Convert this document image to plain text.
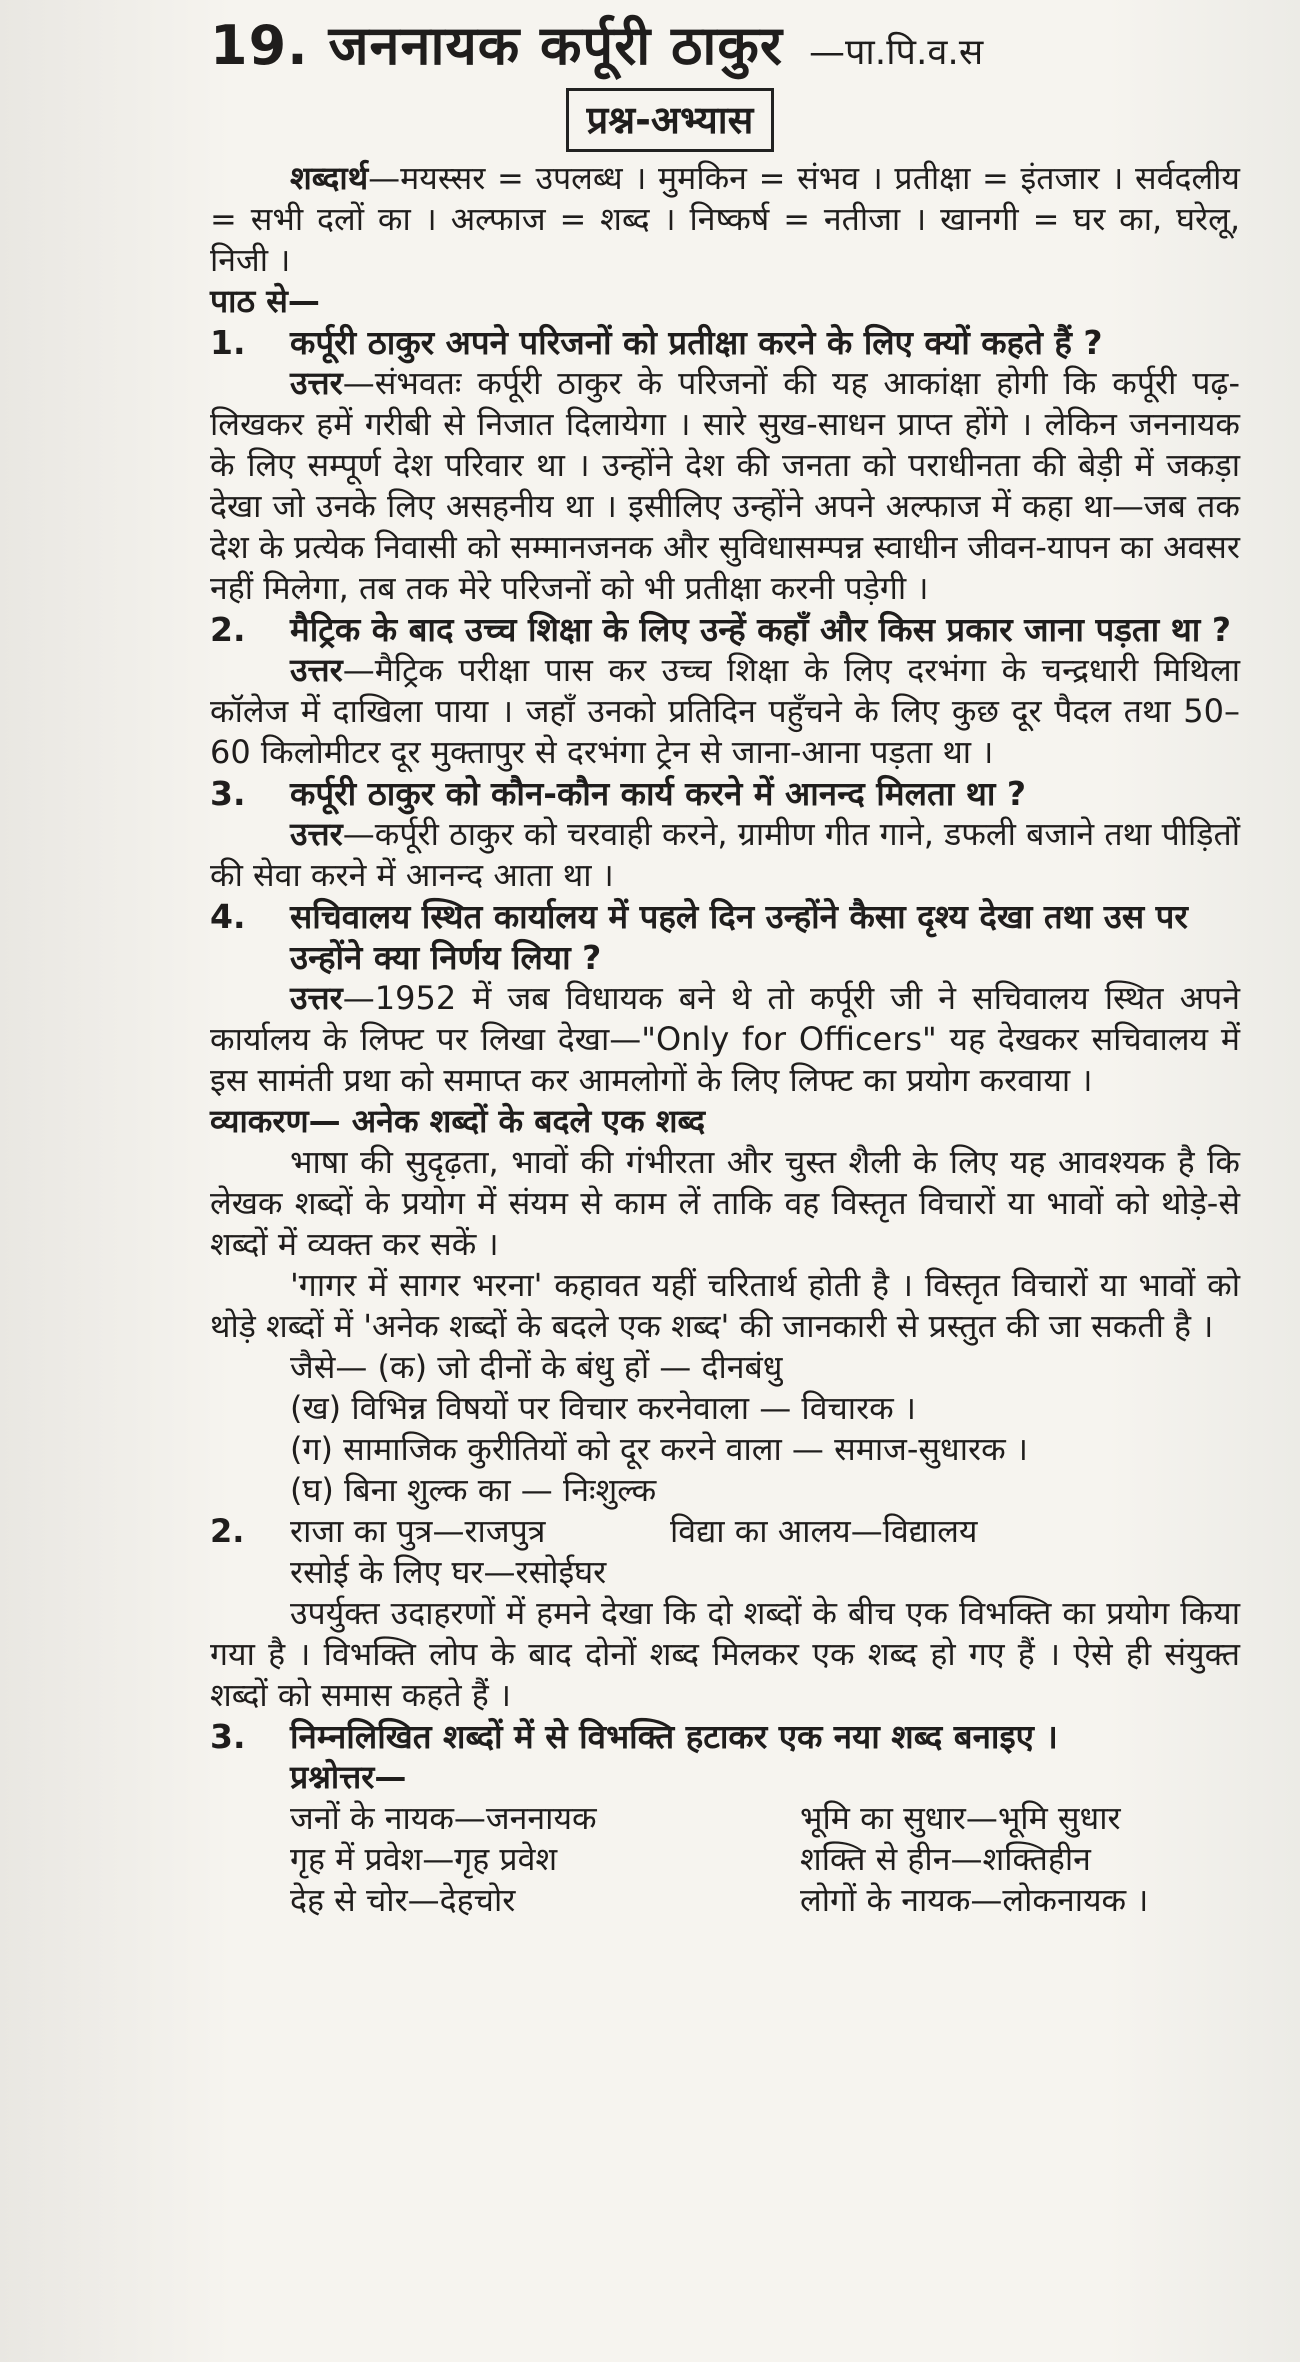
19. जननायक कर्पूरी ठाकुर —पा.पि.व.स
प्रश्न-अभ्यास

शब्दार्थ—मयस्सर = उपलब्ध । मुमकिन = संभव । प्रतीक्षा = इंतजार । सर्वदलीय = सभी दलों का । अल्फाज = शब्द । निष्कर्ष = नतीजा । खानगी = घर का, घरेलू, निजी ।

पाठ से—

1.	कर्पूरी ठाकुर अपने परिजनों को प्रतीक्षा करने के लिए क्यों कहते हैं ?

उत्तर—संभवतः कर्पूरी ठाकुर के परिजनों की यह आकांक्षा होगी कि कर्पूरी पढ़-लिखकर हमें गरीबी से निजात दिलायेगा । सारे सुख-साधन प्राप्त होंगे । लेकिन जननायक के लिए सम्पूर्ण देश परिवार था । उन्होंने देश की जनता को पराधीनता की बेड़ी में जकड़ा देखा जो उनके लिए असहनीय था । इसीलिए उन्होंने अपने अल्फाज में कहा था—जब तक देश के प्रत्येक निवासी को सम्मानजनक और सुविधासम्पन्न स्वाधीन जीवन-यापन का अवसर नहीं मिलेगा, तब तक मेरे परिजनों को भी प्रतीक्षा करनी पड़ेगी ।

2.	मैट्रिक के बाद उच्च शिक्षा के लिए उन्हें कहाँ और किस प्रकार जाना पड़ता था ?

उत्तर—मैट्रिक परीक्षा पास कर उच्च शिक्षा के लिए दरभंगा के चन्द्रधारी मिथिला कॉलेज में दाखिला पाया । जहाँ उनको प्रतिदिन पहुँचने के लिए कुछ दूर पैदल तथा 50–60 किलोमीटर दूर मुक्तापुर से दरभंगा ट्रेन से जाना-आना पड़ता था ।

3.	कर्पूरी ठाकुर को कौन-कौन कार्य करने में आनन्द मिलता था ?

उत्तर—कर्पूरी ठाकुर को चरवाही करने, ग्रामीण गीत गाने, डफली बजाने तथा पीड़ितों की सेवा करने में आनन्द आता था ।

4.	सचिवालय स्थित कार्यालय में पहले दिन उन्होंने कैसा दृश्य देखा तथा उस पर उन्होंने क्या निर्णय लिया ?

उत्तर—1952 में जब विधायक बने थे तो कर्पूरी जी ने सचिवालय स्थित अपने कार्यालय के लिफ्ट पर लिखा देखा—"Only for Officers" यह देखकर सचिवालय में इस सामंती प्रथा को समाप्त कर आमलोगों के लिए लिफ्ट का प्रयोग करवाया ।

व्याकरण— अनेक शब्दों के बदले एक शब्द

भाषा की सुदृढ़ता, भावों की गंभीरता और चुस्त शैली के लिए यह आवश्यक है कि लेखक शब्दों के प्रयोग में संयम से काम लें ताकि वह विस्तृत विचारों या भावों को थोड़े-से शब्दों में व्यक्त कर सकें ।

'गागर में सागर भरना' कहावत यहीं चरितार्थ होती है । विस्तृत विचारों या भावों को थोड़े शब्दों में 'अनेक शब्दों के बदले एक शब्द' की जानकारी से प्रस्तुत की जा सकती है ।

जैसे— (क) जो दीनों के बंधु हों — दीनबंधु
(ख) विभिन्न विषयों पर विचार करनेवाला — विचारक ।
(ग) सामाजिक कुरीतियों को दूर करने वाला — समाज-सुधारक ।
(घ) बिना शुल्क का — निःशुल्क
2.	राजा का पुत्र—राजपुत्र	विद्या का आलय—विद्यालय
रसोई के लिए घर—रसोईघर

उपर्युक्त उदाहरणों में हमने देखा कि दो शब्दों के बीच एक विभक्ति का प्रयोग किया गया है । विभक्ति लोप के बाद दोनों शब्द मिलकर एक शब्द हो गए हैं । ऐसे ही संयुक्त शब्दों को समास कहते हैं ।

3.	निम्नलिखित शब्दों में से विभक्ति हटाकर एक नया शब्द बनाइए ।
प्रश्नोत्तर—
जनों के नायक—जननायक	भूमि का सुधार—भूमि सुधार
गृह में प्रवेश—गृह प्रवेश	शक्ति से हीन—शक्तिहीन
देह से चोर—देहचोर	लोगों के नायक—लोकनायक ।
